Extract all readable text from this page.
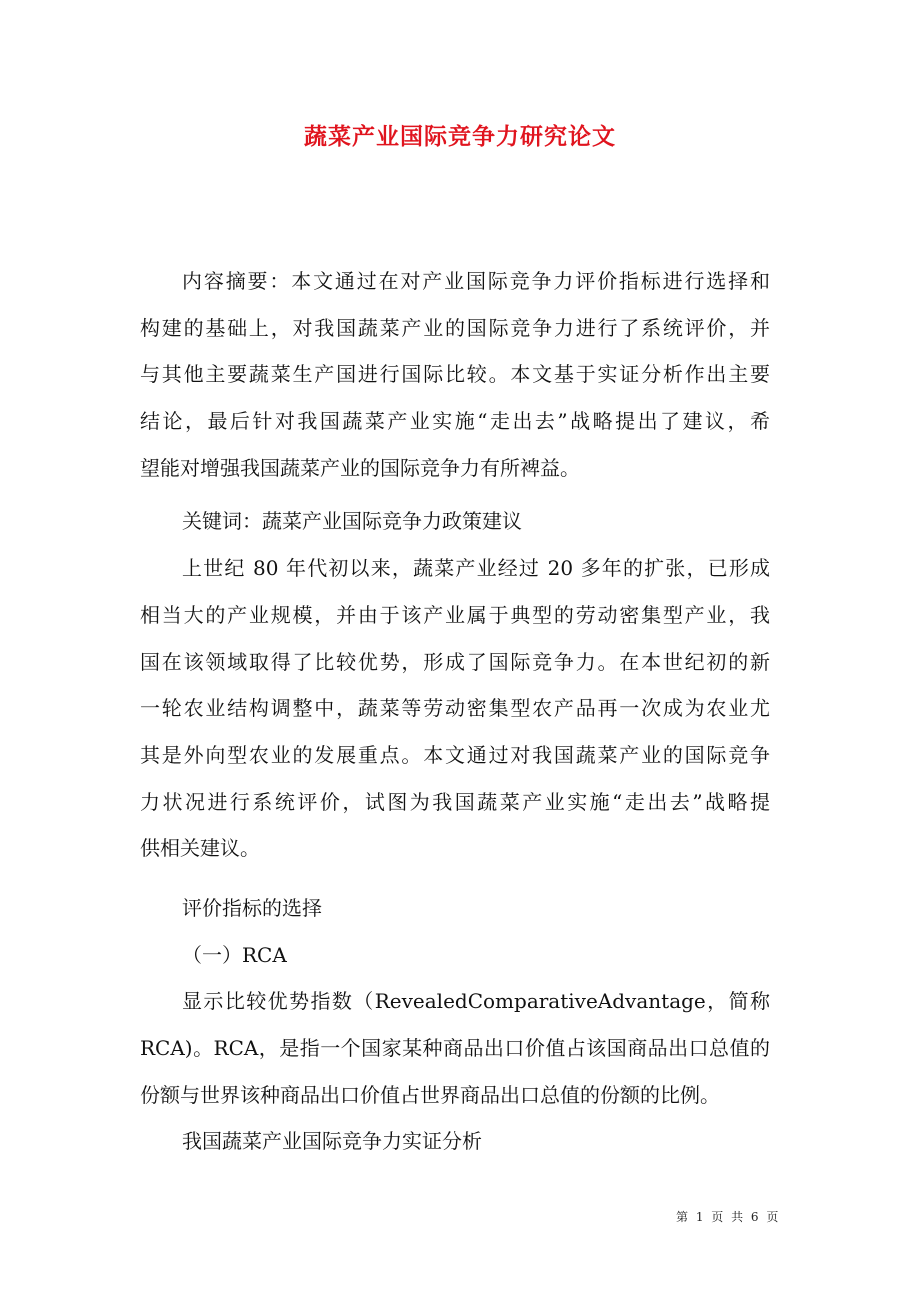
蔬菜产业国际竞争力研究论文
内容摘要：本文通过在对产业国际竞争力评价指标进行选择和
构建的基础上，对我国蔬菜产业的国际竞争力进行了系统评价，并
与其他主要蔬菜生产国进行国际比较。本文基于实证分析作出主要
结论，最后针对我国蔬菜产业实施“走出去”战略提出了建议，希
望能对增强我国蔬菜产业的国际竞争力有所裨益。
关键词：蔬菜产业国际竞争力政策建议
上世纪 80 年代初以来，蔬菜产业经过 20 多年的扩张，已形成
相当大的产业规模，并由于该产业属于典型的劳动密集型产业，我
国在该领域取得了比较优势，形成了国际竞争力。在本世纪初的新
一轮农业结构调整中，蔬菜等劳动密集型农产品再一次成为农业尤
其是外向型农业的发展重点。本文通过对我国蔬菜产业的国际竞争
力状况进行系统评价，试图为我国蔬菜产业实施“走出去”战略提
供相关建议。
评价指标的选择
（一）RCA
显示比较优势指数（RevealedComparativeAdvantage，简称
RCA)。RCA，是指一个国家某种商品出口价值占该国商品出口总值的
份额与世界该种商品出口价值占世界商品出口总值的份额的比例。
我国蔬菜产业国际竞争力实证分析
第 1 页 共 6 页
